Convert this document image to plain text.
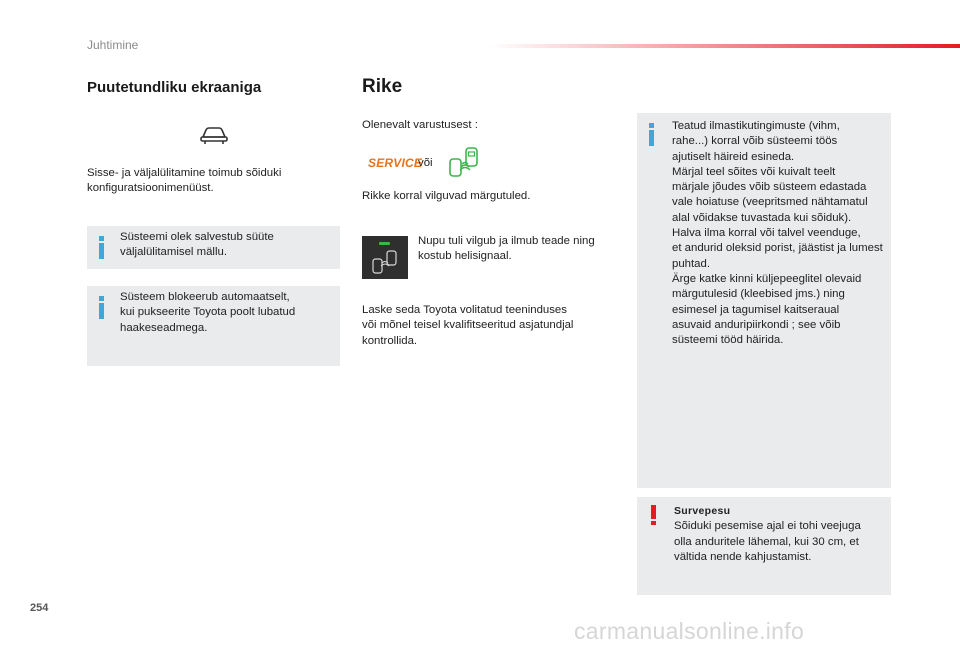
Juhtimine
Puutetundliku ekraaniga
Sisse- ja väljalülitamine toimub sõiduki
konfiguratsioonimenüüst.
Süsteemi olek salvestub süüte
väljalülitamisel mällu.
Süsteem blokeerub automaatselt,
kui pukseerite Toyota poolt lubatud
haakeseadmega.
Rike
Olenevalt varustusest :
SERVICE
või
Rikke korral vilguvad märgutuled.
Nupu tuli vilgub ja ilmub teade ning
kostub helisignaal.
Laske seda Toyota volitatud teeninduses
või mõnel teisel kvalifitseeritud asjatundjal
kontrollida.
Teatud ilmastikutingimuste (vihm,
rahe...) korral võib süsteemi töös
ajutiselt häireid esineda.
Märjal teel sõites või kuivalt teelt
märjale jõudes võib süsteem edastada
vale hoiatuse (veepritsmed nähtamatul
alal võidakse tuvastada kui sõiduk).
Halva ilma korral või talvel veenduge,
et andurid oleksid porist, jäästist ja lumest
puhtad.
Ärge katke kinni küljepeeglitel olevaid
märgutulesid (kleebised jms.) ning
esimesel ja tagumisel kaitseraual
asuvaid anduripiirkondi ; see võib
süsteemi tööd häirida.
Survepesu
Sõiduki pesemise ajal ei tohi veejuga
olla anduritele lähemal, kui 30 cm, et
vältida nende kahjustamist.
254
carmanualsonline.info
